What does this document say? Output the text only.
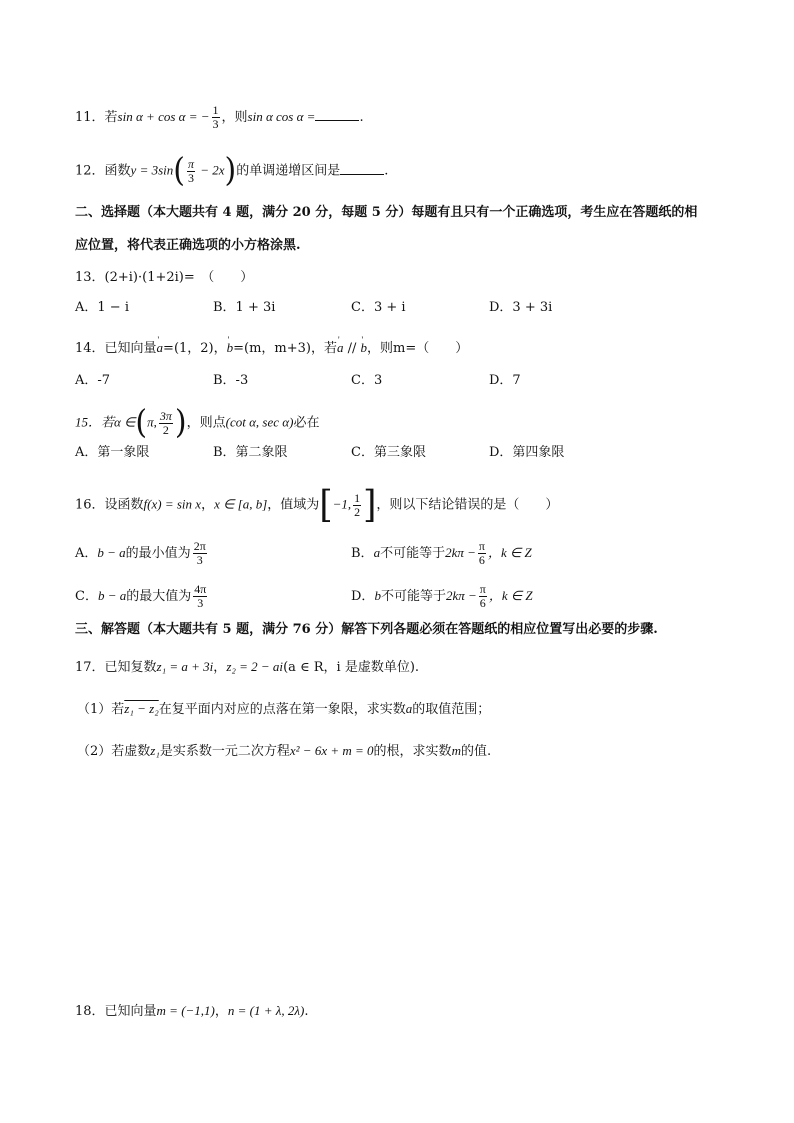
11．若sin α + cos α = − $\frac{1}{3}$ ，则sin α cos α =	.
12．函数$y = 3\sin( \frac{\pi}{3} - 2x)$的单调递增区间是	.
二、选择题（本大题共有 4 题，满分 20 分，每题 5 分）每题有且只有一个正确选项，考生应在答题纸的相
应位置，将代表正确选项的小方格涂黑.
13．(2+i)·(1+2i)=　（　　）
A．1 − i	B．1 + 3i	C．3 + i	D．3 + 3i
14．已知向量' a=(1，2)，' b=(m，m+3)，若' a // ' b，则m=（　　）
A．-7	B．-3	C．3	D．7
15．若α ∈(π, $\frac{3\pi}{2}$ )，则点(cot α, sec α)必在
A．第一象限	B．第二象限	C．第三象限	D．第四象限
16．设函数f(x) = sin x，x ∈ [a, b]，值域为[−1, $\frac{1}{2}$ ]，则以下结论错误的是（　　）
A．b − a的最小值为 $\frac{2\pi}{3}$	B．a不可能等于$2k\pi - \frac{\pi}{6}$ ，k ∈ Z
C．b − a的最大值为 $\frac{4\pi}{3}$	D．b不可能等于$2k\pi - \frac{\pi}{6}$ ，k ∈ Z
三、解答题（本大题共有 5 题，满分 76 分）解答下列各题必须在答题纸的相应位置写出必要的步骤.
17．已知复数z₁ = a + 3i，z₂ = 2 − ai(a ∈ R，i 是虚数单位).
（1）若z₁ − z₂在复平面内对应的点落在第一象限，求实数a的取值范围；
（2）若虚数z₁是实系数一元二次方程x² − 6x + m = 0的根，求实数m的值.
18．已知向量m = (−1,1)，n = (1 + λ, 2λ).
